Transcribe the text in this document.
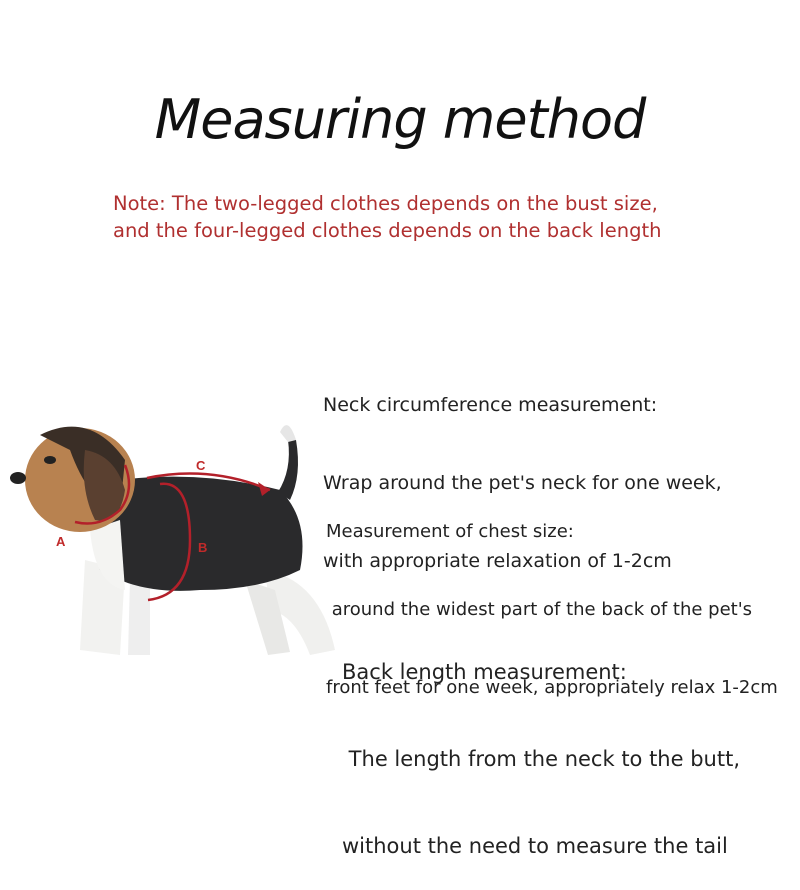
Measuring method
Note: The two-legged clothes depends on the bust size,
and the four-legged clothes depends on the back length

Neck circumference measurement:

Wrap around the pet's neck for one week,

with appropriate relaxation of 1-2cm

Measurement of chest size:

around the widest part of the back of the pet's

front feet for one week, appropriately relax 1-2cm

Back length measurement:

The length from the neck to the butt,

without the need to measure the tail

A	B
C
